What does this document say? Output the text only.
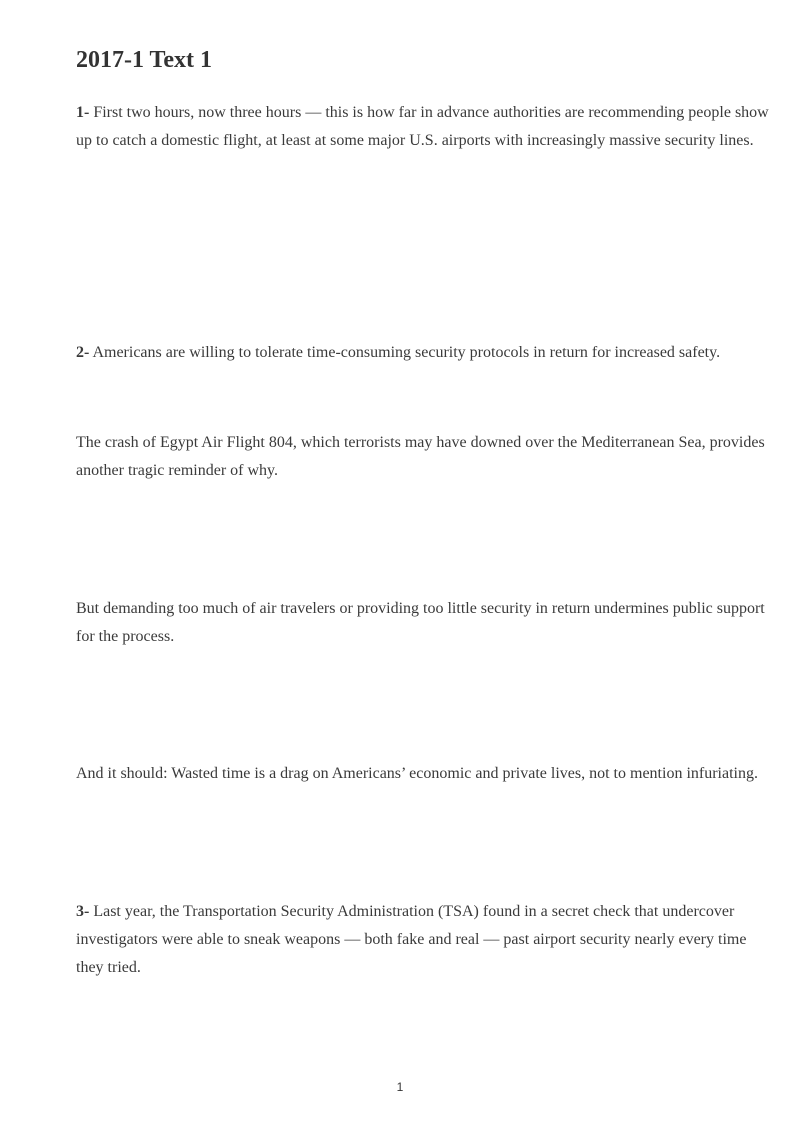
2017-1 Text 1

1- First two hours, now three hours — this is how far in advance authorities are recommending people show up to catch a domestic flight, at least at some major U.S. airports with increasingly massive security lines.

2- Americans are willing to tolerate time-consuming security protocols in return for increased safety.

The crash of Egypt Air Flight 804, which terrorists may have downed over the Mediterranean Sea, provides another tragic reminder of why.

But demanding too much of air travelers or providing too little security in return undermines public support for the process.

And it should: Wasted time is a drag on Americans’ economic and private lives, not to mention infuriating.

3- Last year, the Transportation Security Administration (TSA) found in a secret check that undercover investigators were able to sneak weapons — both fake and real — past airport security nearly every time they tried.

1
